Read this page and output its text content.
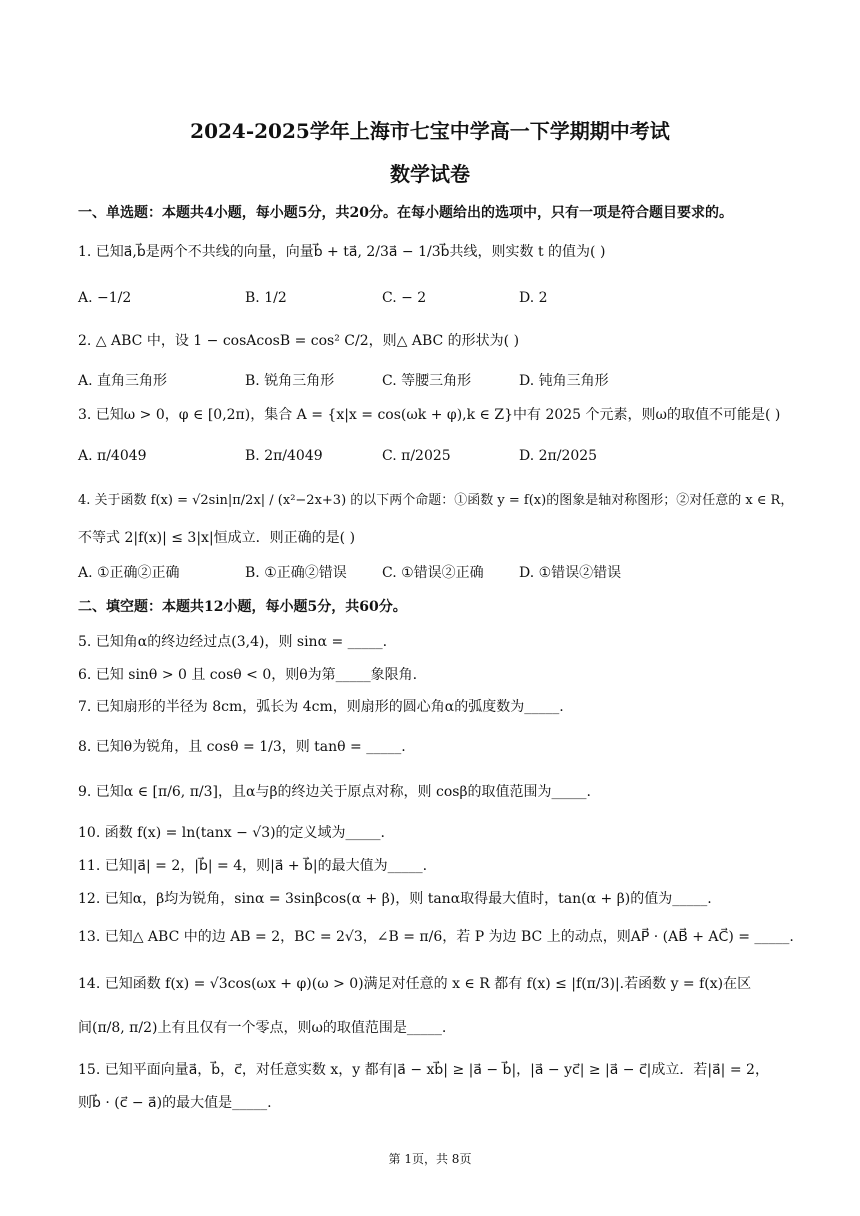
2024-2025学年上海市七宝中学高一下学期期中考试
数学试卷
一、单选题：本题共4小题，每小题5分，共20分。在每小题给出的选项中，只有一项是符合题目要求的。
1. 已知a⃗,b⃗是两个不共线的向量，向量b⃗ + ta⃗, 2/3a⃗ − 1/3b⃗共线，则实数 t 的值为( )
A. −1/2	B. 1/2	C. − 2	D. 2
2. △ ABC 中，设 1 − cosAcosB = cos² C/2，则△ ABC 的形状为( )
A. 直角三角形	B. 锐角三角形	C. 等腰三角形	D. 钝角三角形
3. 已知ω > 0，φ ∈ [0,2π)，集合 A = {x|x = cos(ωk + φ),k ∈ Z}中有 2025 个元素，则ω的取值不可能是( )
A. π/4049	B. 2π/4049	C. π/2025	D. 2π/2025
4. 关于函数 f(x) = √2sin|π/2x| / (x²−2x+3) 的以下两个命题：①函数 y = f(x)的图象是轴对称图形；②对任意的 x ∈ R，
不等式 2|f(x)| ≤ 3|x|恒成立．则正确的是( )
A. ①正确②正确	B. ①正确②错误	C. ①错误②正确	D. ①错误②错误
二、填空题：本题共12小题，每小题5分，共60分。
5. 已知角α的终边经过点(3,4)，则 sinα = _____.
6. 已知 sinθ > 0 且 cosθ < 0，则θ为第_____象限角.
7. 已知扇形的半径为 8cm，弧长为 4cm，则扇形的圆心角α的弧度数为_____.
8. 已知θ为锐角，且 cosθ = 1/3，则 tanθ = _____.
9. 已知α ∈ [π/6, π/3]，且α与β的终边关于原点对称，则 cosβ的取值范围为_____.
10. 函数 f(x) = ln(tanx − √3)的定义域为_____.
11. 已知|a⃗| = 2，|b⃗| = 4，则|a⃗ + b⃗|的最大值为_____.
12. 已知α，β均为锐角，sinα = 3sinβcos(α + β)，则 tanα取得最大值时，tan(α + β)的值为_____.
13. 已知△ ABC 中的边 AB = 2，BC = 2√3，∠B = π/6，若 P 为边 BC 上的动点，则AP⃗ · (AB⃗ + AC⃗) = _____.
14. 已知函数 f(x) = √3cos(ωx + φ)(ω > 0)满足对任意的 x ∈ R 都有 f(x) ≤ |f(π/3)|.若函数 y = f(x)在区
间(π/8, π/2)上有且仅有一个零点，则ω的取值范围是_____.
15. 已知平面向量a⃗，b⃗，c⃗，对任意实数 x，y 都有|a⃗ − xb⃗| ≥ |a⃗ − b⃗|，|a⃗ − yc⃗| ≥ |a⃗ − c⃗|成立．若|a⃗| = 2，
则b⃗ · (c⃗ − a⃗)的最大值是_____.
第 1页，共 8页
